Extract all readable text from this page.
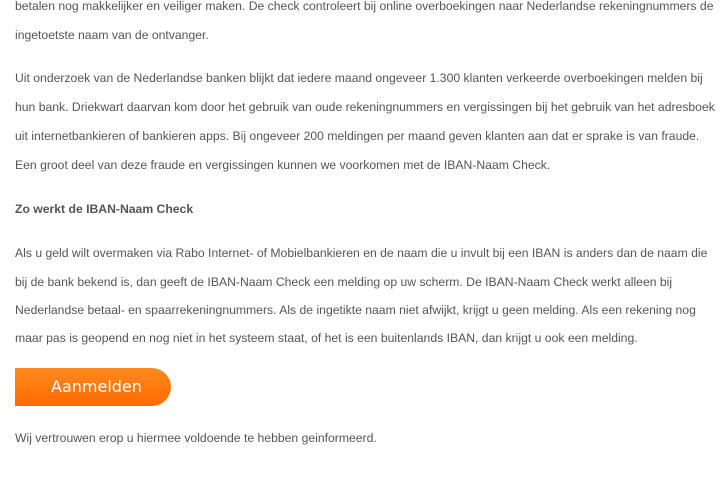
betalen nog makkelijker en veiliger maken. De check controleert bij online overboekingen naar Nederlandse rekeningnummers de
ingetoetste naam van de ontvanger.
Uit onderzoek van de Nederlandse banken blijkt dat iedere maand ongeveer 1.300 klanten verkeerde overboekingen melden bij
hun bank. Driekwart daarvan kom door het gebruik van oude rekeningnummers en vergissingen bij het gebruik van het adresboek
uit internetbankieren of bankieren apps. Bij ongeveer 200 meldingen per maand geven klanten aan dat er sprake is van fraude.
Een groot deel van deze fraude en vergissingen kunnen we voorkomen met de IBAN-Naam Check.
Zo werkt de IBAN-Naam Check
Als u geld wilt overmaken via Rabo Internet- of Mobielbankieren en de naam die u invult bij een IBAN is anders dan de naam die
bij de bank bekend is, dan geeft de IBAN-Naam Check een melding op uw scherm. De IBAN-Naam Check werkt alleen bij
Nederlandse betaal- en spaarrekeningnummers. Als de ingetikte naam niet afwijkt, krijgt u geen melding. Als een rekening nog
maar pas is geopend en nog niet in het systeem staat, of het is een buitenlands IBAN, dan krijgt u ook een melding.
Aanmelden
Wij vertrouwen erop u hiermee voldoende te hebben geinformeerd.
